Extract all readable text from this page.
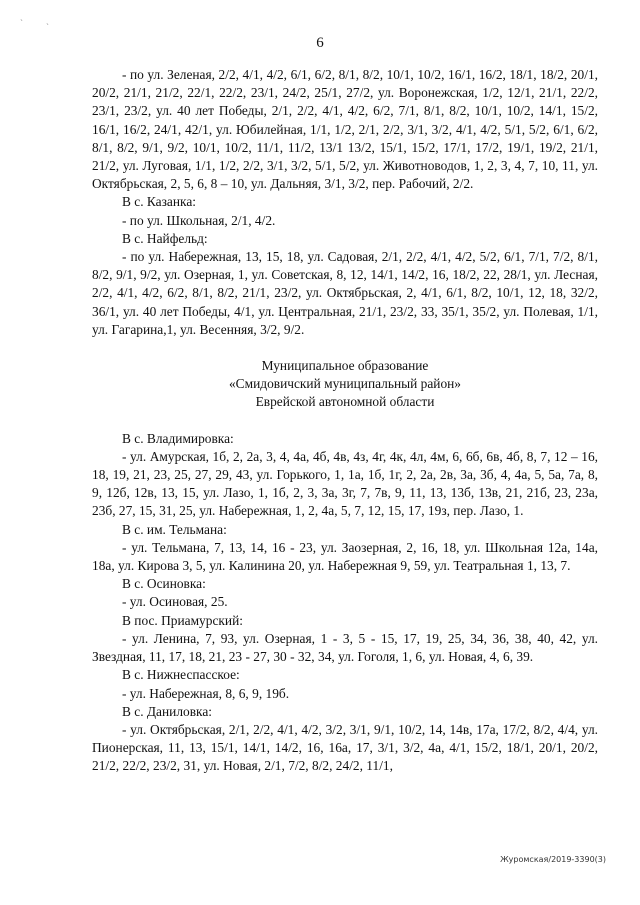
ˋ	ˋ
6

- по ул. Зеленая, 2/2, 4/1, 4/2, 6/1, 6/2, 8/1, 8/2, 10/1, 10/2, 16/1, 16/2, 18/1, 18/2, 20/1, 20/2, 21/1, 21/2, 22/1, 22/2, 23/1, 24/2, 25/1, 27/2, ул. Воронежская, 1/2, 12/1, 21/1, 22/2, 23/1, 23/2, ул. 40 лет Победы, 2/1, 2/2, 4/1, 4/2, 6/2, 7/1, 8/1, 8/2, 10/1, 10/2, 14/1, 15/2, 16/1, 16/2, 24/1, 42/1, ул. Юбилейная, 1/1, 1/2, 2/1, 2/2, 3/1, 3/2, 4/1, 4/2, 5/1, 5/2, 6/1, 6/2, 8/1, 8/2, 9/1, 9/2, 10/1, 10/2, 11/1, 11/2, 13/1 13/2, 15/1, 15/2, 17/1, 17/2, 19/1, 19/2, 21/1, 21/2, ул. Луговая, 1/1, 1/2, 2/2, 3/1, 3/2, 5/1, 5/2, ул. Животноводов, 1, 2, 3, 4, 7, 10, 11, ул. Октябрьская, 2, 5, 6, 8 – 10, ул. Дальняя, 3/1, 3/2, пер. Рабочий, 2/2.

В с. Казанка:

- по ул. Школьная, 2/1, 4/2.

В с. Найфельд:

- по ул. Набережная, 13, 15, 18, ул. Садовая, 2/1, 2/2, 4/1, 4/2, 5/2, 6/1, 7/1, 7/2, 8/1, 8/2, 9/1, 9/2, ул. Озерная, 1, ул. Советская, 8, 12, 14/1, 14/2, 16, 18/2, 22, 28/1, ул. Лесная, 2/2, 4/1, 4/2, 6/2, 8/1, 8/2, 21/1, 23/2, ул. Октябрьская, 2, 4/1, 6/1, 8/2, 10/1, 12, 18, 32/2, 36/1, ул. 40 лет Победы, 4/1, ул. Центральная, 21/1, 23/2, 33, 35/1, 35/2, ул. Полевая, 1/1, ул. Гагарина,1, ул. Весенняя, 3/2, 9/2.

Муниципальное образование

«Смидовичский муниципальный район»

Еврейской автономной области

В с. Владимировка:

- ул. Амурская, 1б, 2, 2а, 3, 4, 4а, 4б, 4в, 4з, 4г, 4к, 4л, 4м, 6, 6б, 6в, 4б, 8, 7, 12 – 16, 18, 19, 21, 23, 25, 27, 29, 43, ул. Горького, 1, 1а, 1б, 1г, 2, 2а, 2в, 3а, 3б, 4, 4а, 5, 5а, 7а, 8, 9, 12б, 12в, 13, 15, ул. Лазо, 1, 1б, 2, 3, 3а, 3г, 7, 7в, 9, 11, 13, 13б, 13в, 21, 21б, 23, 23а, 23б, 27, 15, 31, 25, ул. Набережная, 1, 2, 4а, 5, 7, 12, 15, 17, 19з, пер. Лазо, 1.

В с. им. Тельмана:

- ул. Тельмана, 7, 13, 14, 16 - 23, ул. Заозерная, 2, 16, 18, ул. Школьная 12а, 14а, 18а, ул. Кирова 3, 5, ул. Калинина 20, ул. Набережная 9, 59, ул. Театральная 1, 13, 7.

В с. Осиновка:

- ул. Осиновая, 25.

В пос. Приамурский:

- ул. Ленина, 7, 93, ул. Озерная, 1 - 3, 5 - 15, 17, 19, 25, 34, 36, 38, 40, 42, ул. Звездная, 11, 17, 18, 21, 23 - 27, 30 - 32, 34, ул. Гоголя, 1, 6, ул. Новая, 4, 6, 39.

В с. Нижнеспасское:

- ул. Набережная, 8, 6, 9, 19б.

В с. Даниловка:

- ул. Октябрьская, 2/1, 2/2, 4/1, 4/2, 3/2, 3/1, 9/1, 10/2, 14, 14в, 17а, 17/2, 8/2, 4/4, ул. Пионерская, 11, 13, 15/1, 14/1, 14/2, 16, 16а, 17, 3/1, 3/2, 4а, 4/1, 15/2, 18/1, 20/1, 20/2, 21/2, 22/2, 23/2, 31, ул. Новая, 2/1, 7/2, 8/2, 24/2, 11/1,

Журомская/2019-3390(3)
